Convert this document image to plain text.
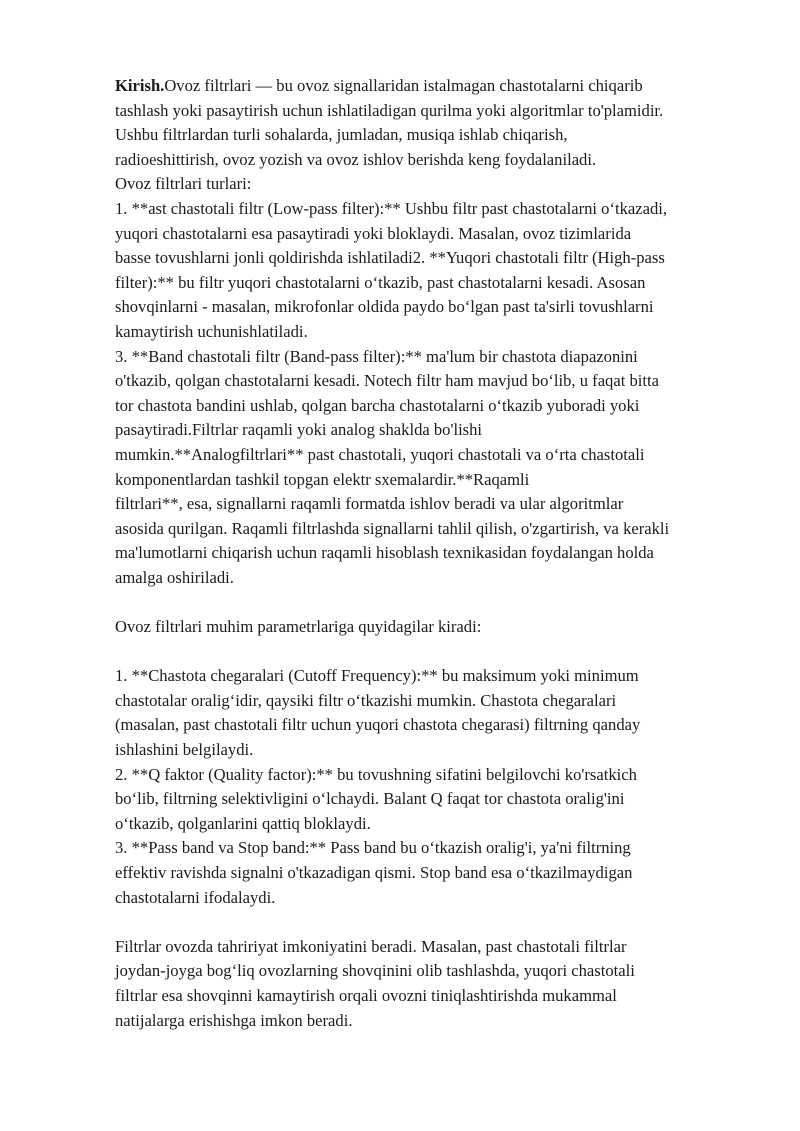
Kirish.Ovoz filtrlari — bu ovoz signallaridan istalmagan chastotalarni chiqarib
tashlash yoki pasaytirish uchun ishlatiladigan qurilma yoki algoritmlar to'plamidir.
Ushbu filtrlardan turli sohalarda, jumladan, musiqa ishlab chiqarish,
radioeshittirish, ovoz yozish va ovoz ishlov berishda keng foydalaniladi.
Ovoz filtrlari turlari:
1. **ast chastotali filtr (Low-pass filter):** Ushbu filtr past chastotalarni o‘tkazadi,
yuqori chastotalarni esa pasaytiradi yoki bloklaydi. Masalan, ovoz tizimlarida
basse tovushlarni jonli qoldirishda ishlatiladi2. **Yuqori chastotali filtr (High-pass
filter):** bu filtr yuqori chastotalarni o‘tkazib, past chastotalarni kesadi. Asosan
shovqinlarni - masalan, mikrofonlar oldida paydo bo‘lgan past ta'sirli tovushlarni
kamaytirish uchunishlatiladi.
3. **Band chastotali filtr (Band-pass filter):** ma'lum bir chastota diapazonini
o'tkazib, qolgan chastotalarni kesadi. Notech filtr ham mavjud bo‘lib, u faqat bitta
tor chastota bandini ushlab, qolgan barcha chastotalarni o‘tkazib yuboradi yoki
pasaytiradi.Filtrlar raqamli yoki analog shaklda bo'lishi
mumkin.**Analogfiltrlari** past chastotali, yuqori chastotali va o‘rta chastotali
komponentlardan tashkil topgan elektr sxemalardir.**Raqamli
filtrlari**, esa, signallarni raqamli formatda ishlov beradi va ular algoritmlar
asosida qurilgan. Raqamli filtrlashda signallarni tahlil qilish, o'zgartirish, va kerakli
ma'lumotlarni chiqarish uchun raqamli hisoblash texnikasidan foydalangan holda
amalga oshiriladi.
Ovoz filtrlari muhim parametrlariga quyidagilar kiradi:
1. **Chastota chegaralari (Cutoff Frequency):** bu maksimum yoki minimum
chastotalar oralig‘idir, qaysiki filtr o‘tkazishi mumkin. Chastota chegaralari
(masalan, past chastotali filtr uchun yuqori chastota chegarasi) filtrning qanday
ishlashini belgilaydi.
2. **Q faktor (Quality factor):** bu tovushning sifatini belgilovchi ko'rsatkich
bo‘lib, filtrning selektivligini o‘lchaydi. Balant Q faqat tor chastota oralig'ini
o‘tkazib, qolganlarini qattiq bloklaydi.
3. **Pass band va Stop band:** Pass band bu o‘tkazish oralig'i, ya'ni filtrning
effektiv ravishda signalni o'tkazadigan qismi. Stop band esa o‘tkazilmaydigan
chastotalarni ifodalaydi.
Filtrlar ovozda tahririyat imkoniyatini beradi. Masalan, past chastotali filtrlar
joydan-joyga bog‘liq ovozlarning shovqinini olib tashlashda, yuqori chastotali
filtrlar esa shovqinni kamaytirish orqali ovozni tiniqlashtirishda mukammal
natijalarga erishishga imkon beradi.
